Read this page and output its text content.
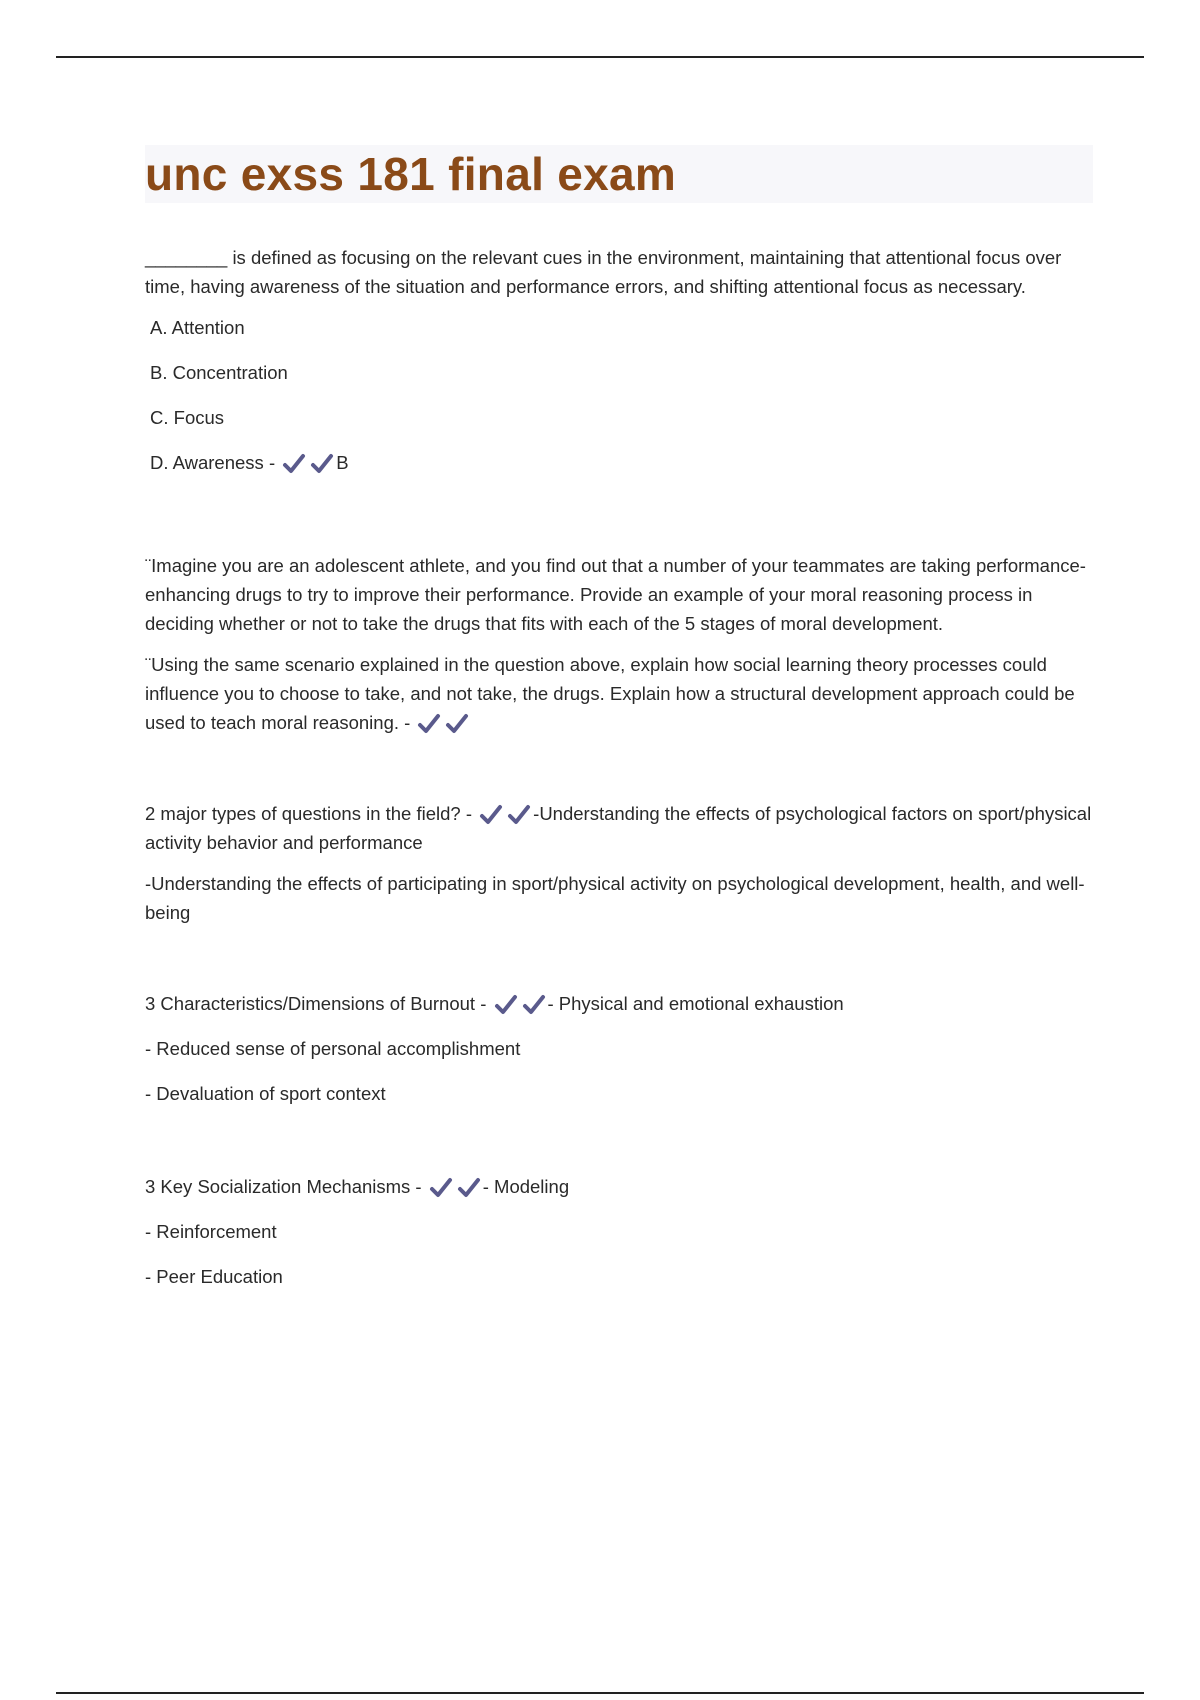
unc exss 181 final exam

________ is defined as focusing on the relevant cues in the environment, maintaining that attentional focus over time, having awareness of the situation and performance errors, and shifting attentional focus as necessary.

A. Attention

B. Concentration

C. Focus

D. Awareness -	B

¨Imagine you are an adolescent athlete, and you find out that a number of your teammates are taking performance-enhancing drugs to try to improve their performance. Provide an example of your moral reasoning process in deciding whether or not to take the drugs that fits with each of the 5 stages of moral development.

¨Using the same scenario explained in the question above, explain how social learning theory processes could influence you to choose to take, and not take, the drugs. Explain how a structural development approach could be used to teach moral reasoning. -

2 major types of questions in the field? -	-Understanding the effects of psychological factors on sport/physical activity behavior and performance

-Understanding the effects of participating in sport/physical activity on psychological development, health, and well-being

3 Characteristics/Dimensions of Burnout -	- Physical and emotional exhaustion

- Reduced sense of personal accomplishment

- Devaluation of sport context

3 Key Socialization Mechanisms -	- Modeling

- Reinforcement

- Peer Education
